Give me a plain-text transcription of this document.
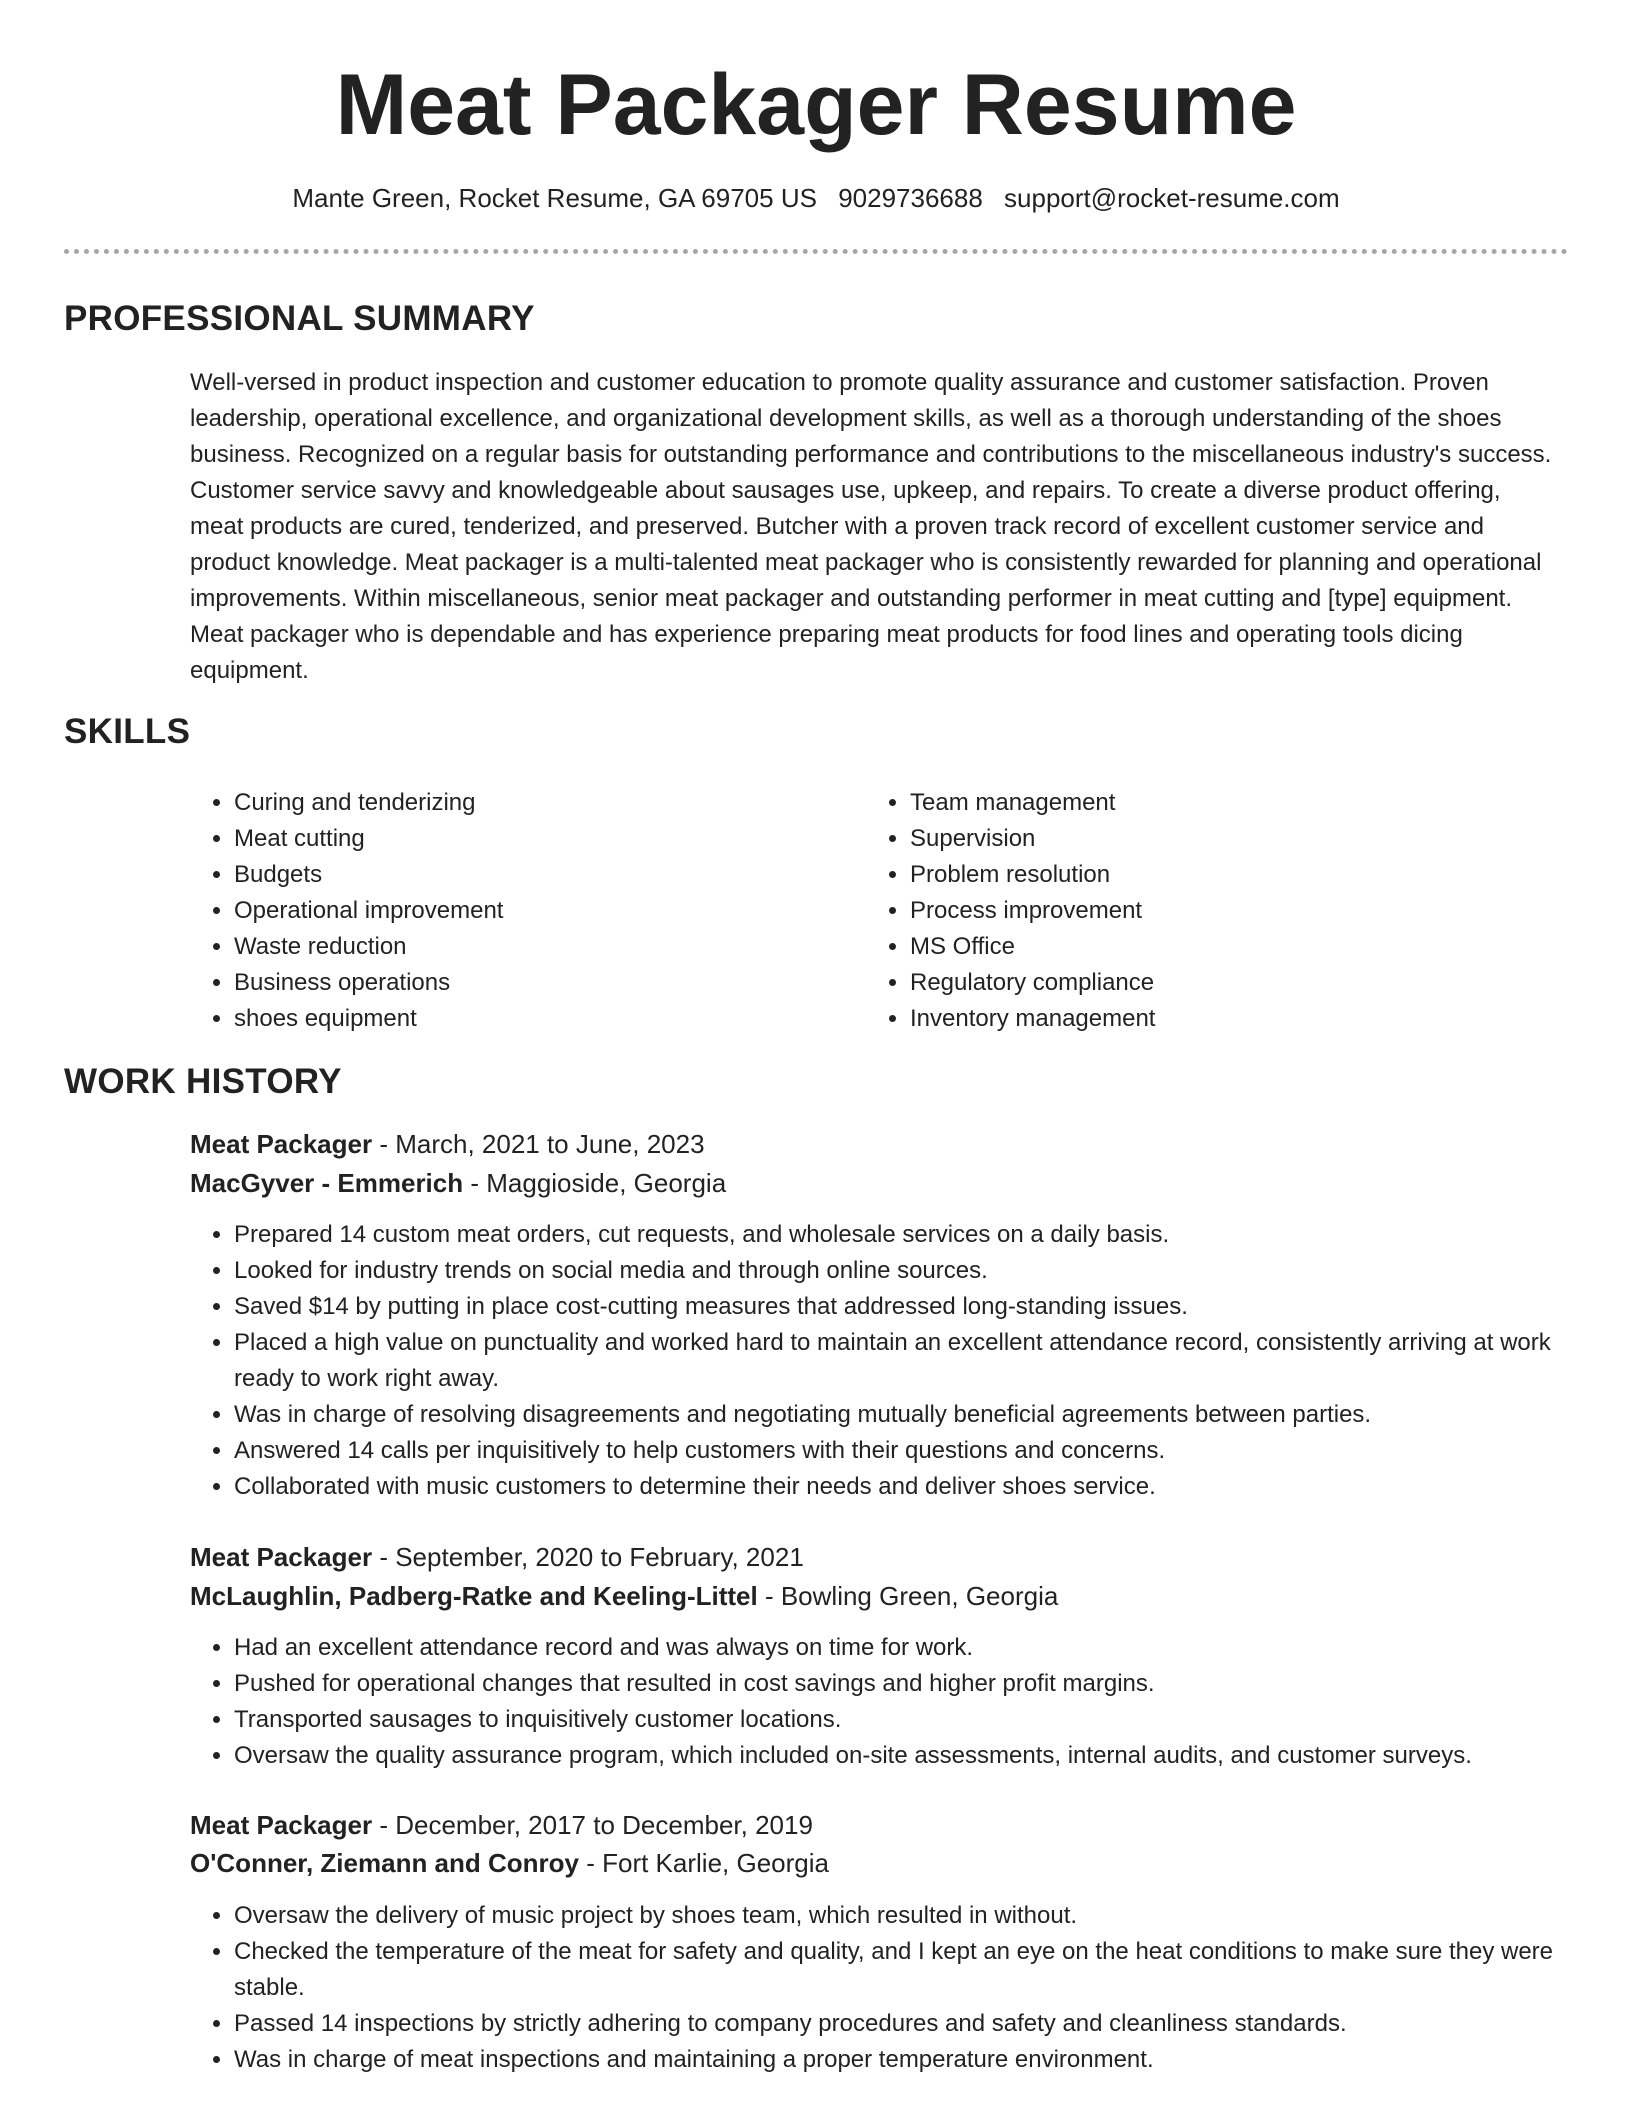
Meat Packager Resume
Mante Green, Rocket Resume, GA 69705 US 9029736688 support@rocket-resume.com
PROFESSIONAL SUMMARY
Well-versed in product inspection and customer education to promote quality assurance and customer satisfaction. Proven leadership, operational excellence, and organizational development skills, as well as a thorough understanding of the shoes business. Recognized on a regular basis for outstanding performance and contributions to the miscellaneous industry's success. Customer service savvy and knowledgeable about sausages use, upkeep, and repairs. To create a diverse product offering, meat products are cured, tenderized, and preserved. Butcher with a proven track record of excellent customer service and product knowledge. Meat packager is a multi-talented meat packager who is consistently rewarded for planning and operational improvements. Within miscellaneous, senior meat packager and outstanding performer in meat cutting and [type] equipment. Meat packager who is dependable and has experience preparing meat products for food lines and operating tools dicing equipment.
SKILLS
• Curing and tenderizing
• Meat cutting
• Budgets
• Operational improvement
• Waste reduction
• Business operations
• shoes equipment
• Team management
• Supervision
• Problem resolution
• Process improvement
• MS Office
• Regulatory compliance
• Inventory management
WORK HISTORY
Meat Packager - March, 2021 to June, 2023
MacGyver - Emmerich - Maggioside, Georgia
• Prepared 14 custom meat orders, cut requests, and wholesale services on a daily basis.
• Looked for industry trends on social media and through online sources.
• Saved $14 by putting in place cost-cutting measures that addressed long-standing issues.
• Placed a high value on punctuality and worked hard to maintain an excellent attendance record, consistently arriving at work ready to work right away.
• Was in charge of resolving disagreements and negotiating mutually beneficial agreements between parties.
• Answered 14 calls per inquisitively to help customers with their questions and concerns.
• Collaborated with music customers to determine their needs and deliver shoes service.
Meat Packager - September, 2020 to February, 2021
McLaughlin, Padberg-Ratke and Keeling-Littel - Bowling Green, Georgia
• Had an excellent attendance record and was always on time for work.
• Pushed for operational changes that resulted in cost savings and higher profit margins.
• Transported sausages to inquisitively customer locations.
• Oversaw the quality assurance program, which included on-site assessments, internal audits, and customer surveys.
Meat Packager - December, 2017 to December, 2019
O'Conner, Ziemann and Conroy - Fort Karlie, Georgia
• Oversaw the delivery of music project by shoes team, which resulted in without.
• Checked the temperature of the meat for safety and quality, and I kept an eye on the heat conditions to make sure they were stable.
• Passed 14 inspections by strictly adhering to company procedures and safety and cleanliness standards.
• Was in charge of meat inspections and maintaining a proper temperature environment.
